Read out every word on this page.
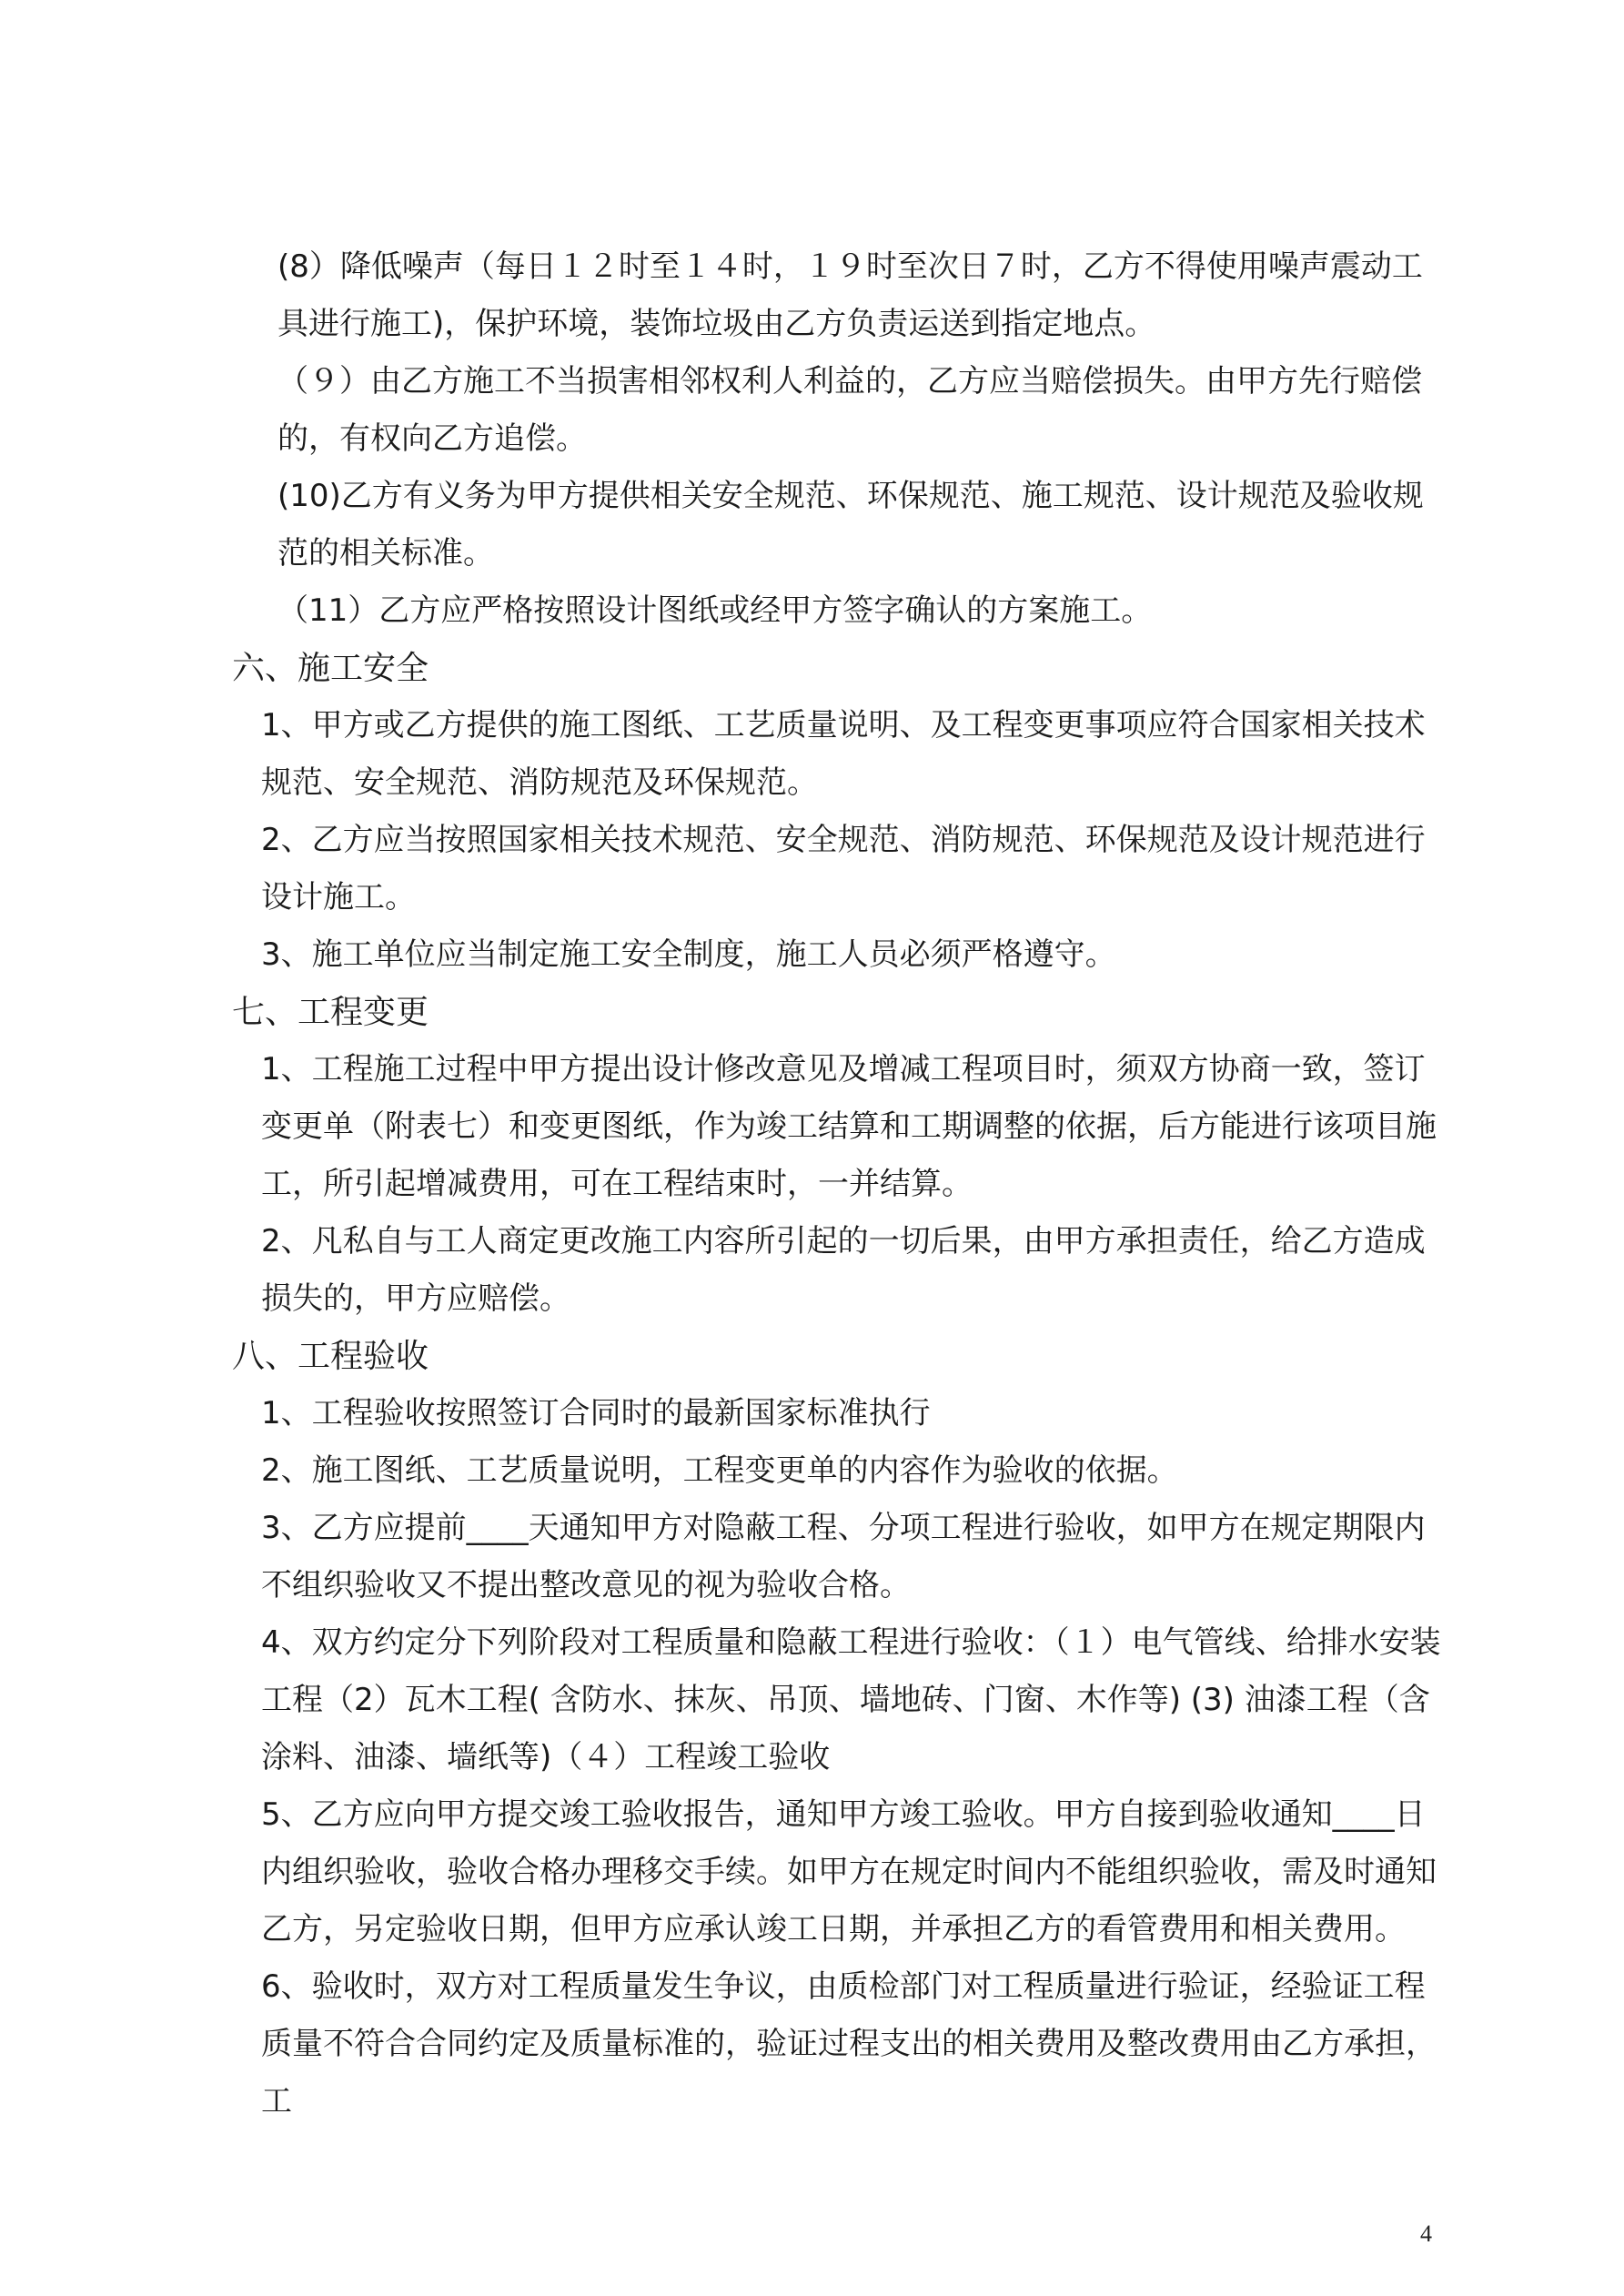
(8）降低噪声（每日１２时至１４时，１９时至次日７时，乙方不得使用噪声震动工具进行施工)，保护环境，装饰垃圾由乙方负责运送到指定地点。

（９）由乙方施工不当损害相邻权利人利益的，乙方应当赔偿损失。由甲方先行赔偿的，有权向乙方追偿。

(10)乙方有义务为甲方提供相关安全规范、环保规范、施工规范、设计规范及验收规范的相关标准。

（11）乙方应严格按照设计图纸或经甲方签字确认的方案施工。

六、施工安全

1、甲方或乙方提供的施工图纸、工艺质量说明、及工程变更事项应符合国家相关技术规范、安全规范、消防规范及环保规范。

2、乙方应当按照国家相关技术规范、安全规范、消防规范、环保规范及设计规范进行设计施工。

3、施工单位应当制定施工安全制度，施工人员必须严格遵守。

七、工程变更

1、工程施工过程中甲方提出设计修改意见及增减工程项目时，须双方协商一致，签订变更单（附表七）和变更图纸，作为竣工结算和工期调整的依据，后方能进行该项目施工，所引起增减费用，可在工程结束时，一并结算。

2、凡私自与工人商定更改施工内容所引起的一切后果，由甲方承担责任，给乙方造成损失的，甲方应赔偿。

八、工程验收

1、工程验收按照签订合同时的最新国家标准执行

2、施工图纸、工艺质量说明，工程变更单的内容作为验收的依据。

3、乙方应提前____天通知甲方对隐蔽工程、分项工程进行验收，如甲方在规定期限内不组织验收又不提出整改意见的视为验收合格。

4、双方约定分下列阶段对工程质量和隐蔽工程进行验收：（１）电气管线、给排水安装工程（2）瓦木工程( 含防水、抹灰、吊顶、墙地砖、门窗、木作等) (3) 油漆工程（含涂料、油漆、墙纸等)（４）工程竣工验收

5、乙方应向甲方提交竣工验收报告，通知甲方竣工验收。甲方自接到验收通知____日内组织验收，验收合格办理移交手续。如甲方在规定时间内不能组织验收，需及时通知乙方，另定验收日期，但甲方应承认竣工日期，并承担乙方的看管费用和相关费用。

6、验收时，双方对工程质量发生争议，由质检部门对工程质量进行验证，经验证工程质量不符合合同约定及质量标准的，验证过程支出的相关费用及整改费用由乙方承担，工

4
